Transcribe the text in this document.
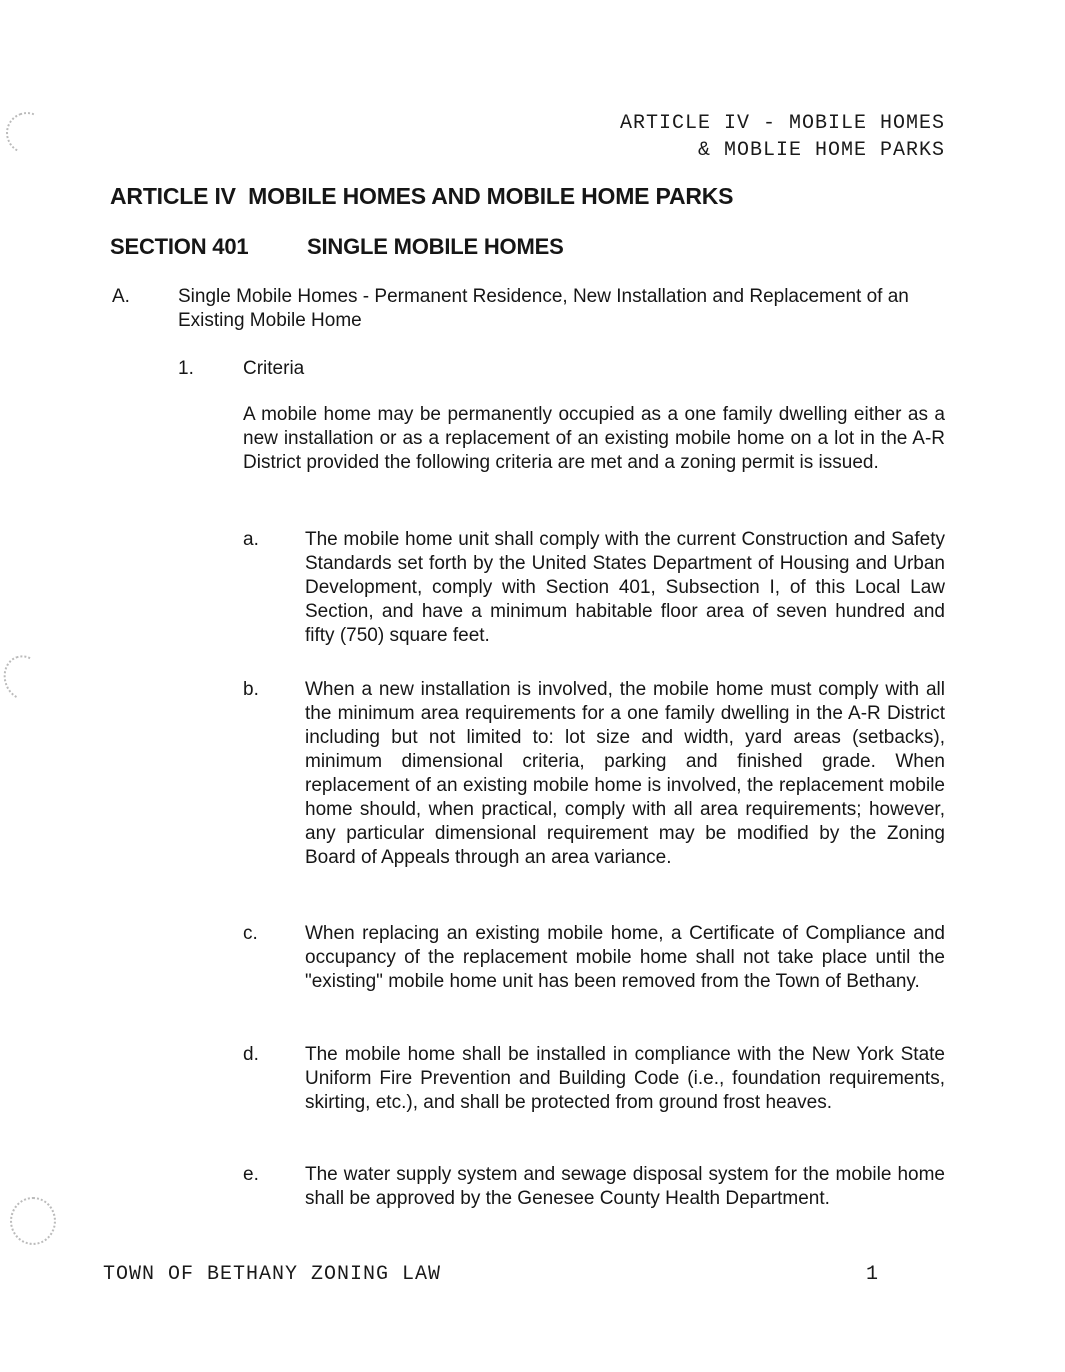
ARTICLE IV - MOBILE HOMES
& MOBLIE HOME PARKS
ARTICLE IV  MOBILE HOMES AND MOBILE HOME PARKS
SECTION 401	SINGLE MOBILE HOMES
A.	Single Mobile Homes - Permanent Residence, New Installation and Replacement of an Existing Mobile Home
1.	Criteria
A mobile home may be permanently occupied as a one family dwelling either as a new installation or as a replacement of an existing mobile home on a lot in the A-R District provided the following criteria are met and a zoning permit is issued.
a.	The mobile home unit shall comply with the current Construction and Safety Standards set forth by the United States Department of Housing and Urban Development, comply with Section 401, Subsection I, of this Local Law Section, and have a minimum habitable floor area of seven hundred and fifty (750) square feet.
b.	When a new installation is involved, the mobile home must comply with all the minimum area requirements for a one family dwelling in the A-R District including but not limited to: lot size and width, yard areas (setbacks), minimum dimensional criteria, parking and finished grade. When replacement of an existing mobile home is involved, the replacement mobile home should, when practical, comply with all area requirements; however, any particular dimensional requirement may be modified by the Zoning Board of Appeals through an area variance.
c.	When replacing an existing mobile home, a Certificate of Compliance and occupancy of the replacement mobile home shall not take place until the "existing" mobile home unit has been removed from the Town of Bethany.
d.	The mobile home shall be installed in compliance with the New York State Uniform Fire Prevention and Building Code (i.e., foundation requirements, skirting, etc.), and shall be protected from ground frost heaves.
e.	The water supply system and sewage disposal system for the mobile home shall be approved by the Genesee County Health Department.
TOWN OF BETHANY ZONING LAW	1
